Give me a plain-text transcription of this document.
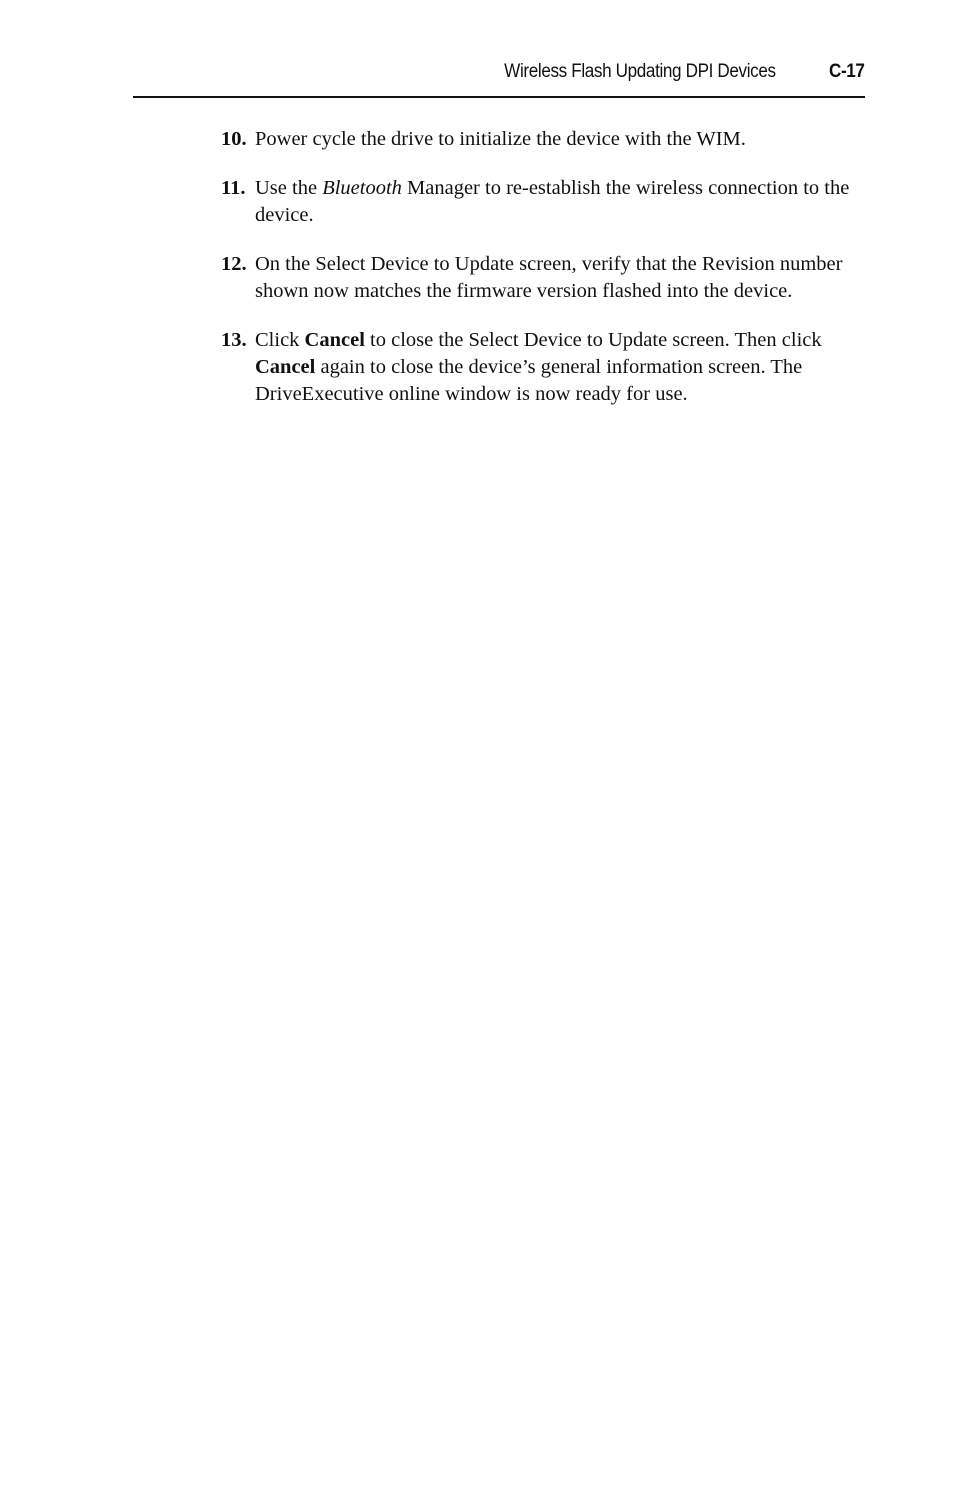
Wireless Flash Updating DPI Devices	C-17
10. Power cycle the drive to initialize the device with the WIM.
11. Use the Bluetooth Manager to re-establish the wireless connection to the device.
12. On the Select Device to Update screen, verify that the Revision number shown now matches the firmware version flashed into the device.
13. Click Cancel to close the Select Device to Update screen. Then click Cancel again to close the device’s general information screen. The DriveExecutive online window is now ready for use.
